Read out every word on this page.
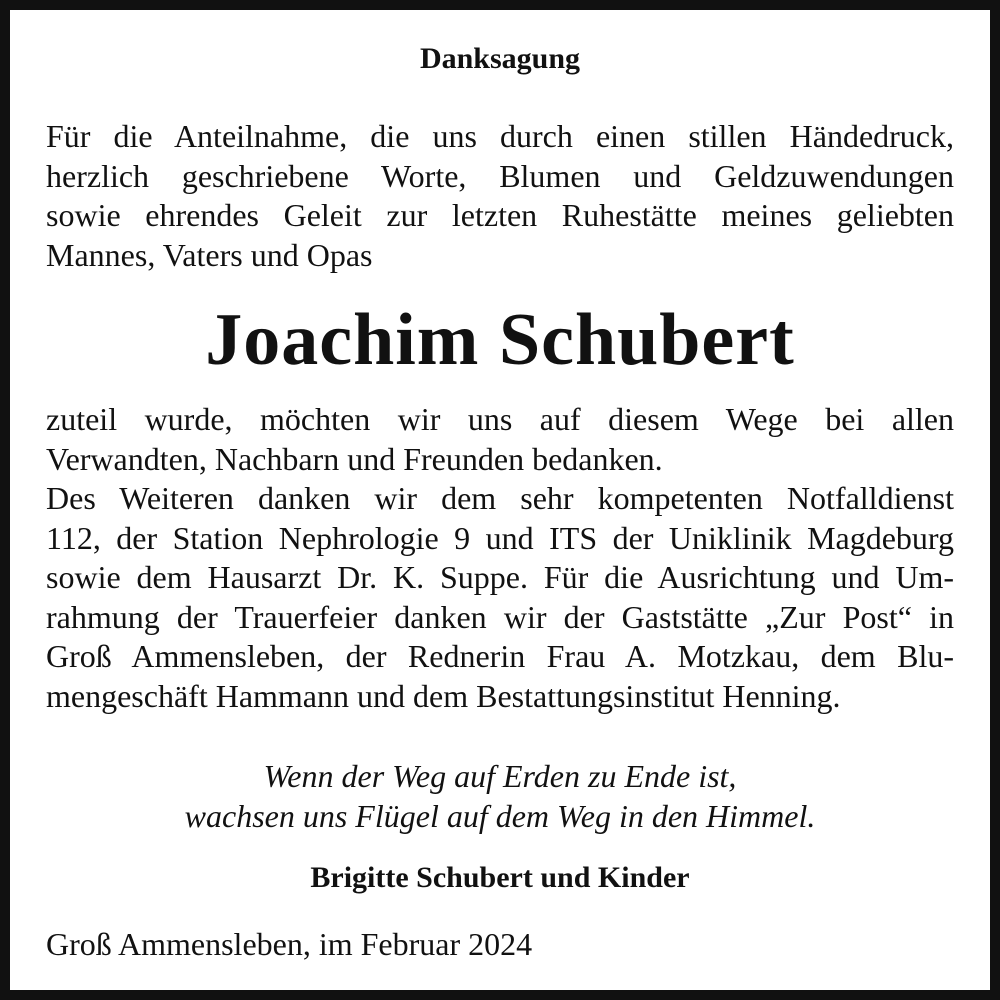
Danksagung
Für die Anteilnahme, die uns durch einen stillen Händedruck,
herzlich geschriebene Worte, Blumen und Geldzuwendungen
sowie ehrendes Geleit zur letzten Ruhestätte meines geliebten
Mannes, Vaters und Opas
Joachim Schubert
zuteil wurde, möchten wir uns auf diesem Wege bei allen
Verwandten, Nachbarn und Freunden bedanken.
Des Weiteren danken wir dem sehr kompetenten Notfalldienst
112, der Station Nephrologie 9 und ITS der Uniklinik Magdeburg
sowie dem Hausarzt Dr. K. Suppe. Für die Ausrichtung und Um-
rahmung der Trauerfeier danken wir der Gaststätte „Zur Post“ in
Groß Ammensleben, der Rednerin Frau A. Motzkau, dem Blu-
mengeschäft Hammann und dem Bestattungsinstitut Henning.
Wenn der Weg auf Erden zu Ende ist,
wachsen uns Flügel auf dem Weg in den Himmel.
Brigitte Schubert und Kinder
Groß Ammensleben, im Februar 2024
